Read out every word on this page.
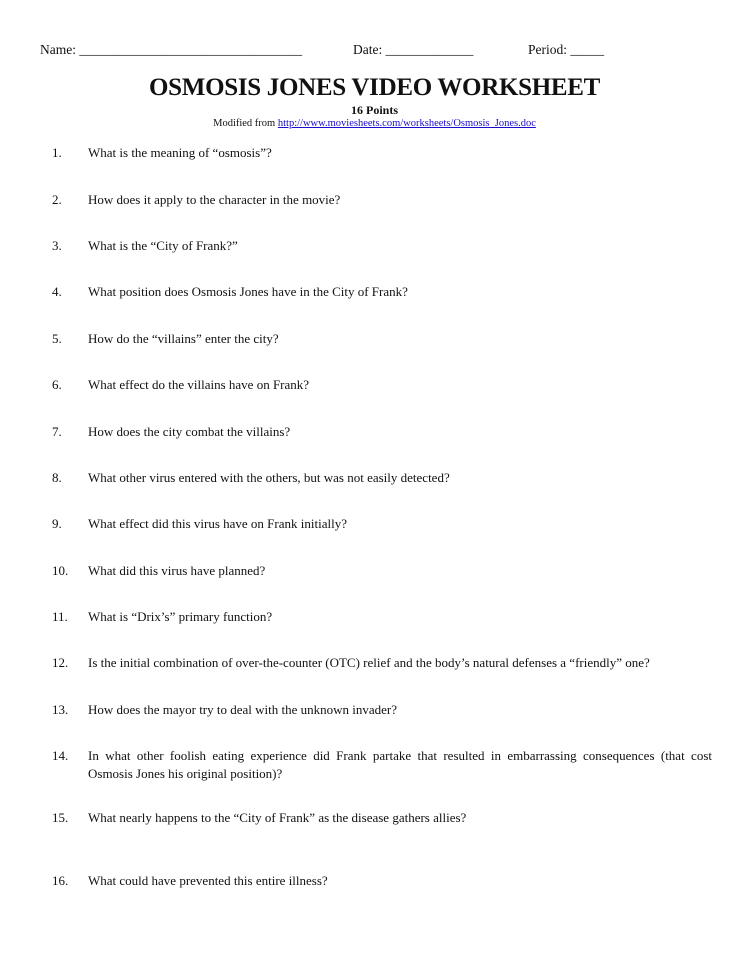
Name: _________________________________	Date: _____________	Period: _____
OSMOSIS JONES VIDEO WORKSHEET
16 Points
Modified from http://www.moviesheets.com/worksheets/Osmosis_Jones.doc
1. What is the meaning of “osmosis”?
2. How does it apply to the character in the movie?
3. What is the “City of Frank?”
4. What position does Osmosis Jones have in the City of Frank?
5. How do the “villains” enter the city?
6. What effect do the villains have on Frank?
7. How does the city combat the villains?
8. What other virus entered with the others, but was not easily detected?
9. What effect did this virus have on Frank initially?
10. What did this virus have planned?
11. What is “Drix’s” primary function?
12. Is the initial combination of over-the-counter (OTC) relief and the body’s natural defenses a “friendly” one?
13. How does the mayor try to deal with the unknown invader?
14. In what other foolish eating experience did Frank partake that resulted in embarrassing consequences (that cost Osmosis Jones his original position)?
15. What nearly happens to the “City of Frank” as the disease gathers allies?
16. What could have prevented this entire illness?
